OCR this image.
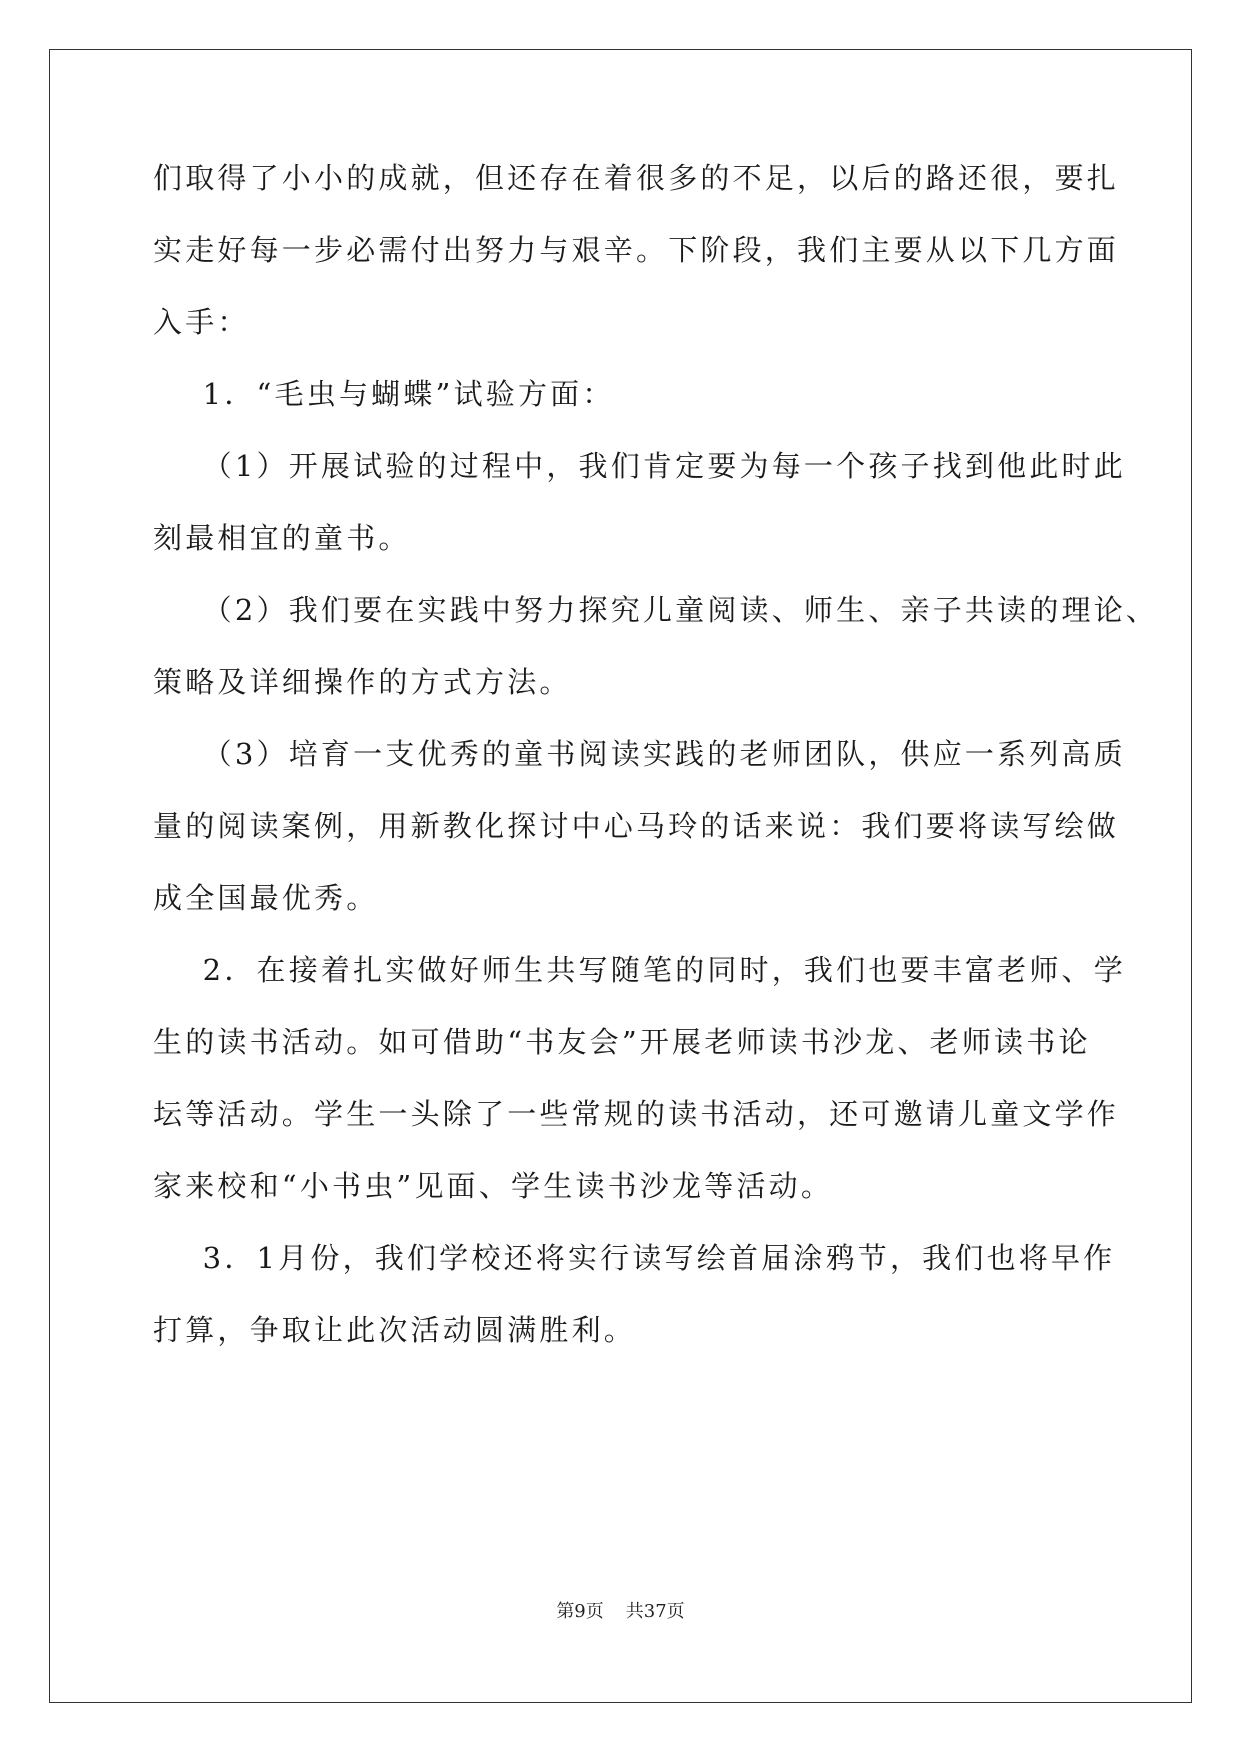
们取得了小小的成就，但还存在着很多的不足，以后的路还很，要扎
实走好每一步必需付出努力与艰辛。下阶段，我们主要从以下几方面
入手：
1．“毛虫与蝴蝶”试验方面：
（1）开展试验的过程中，我们肯定要为每一个孩子找到他此时此
刻最相宜的童书。
（2）我们要在实践中努力探究儿童阅读、师生、亲子共读的理论、
策略及详细操作的方式方法。
（3）培育一支优秀的童书阅读实践的老师团队，供应一系列高质
量的阅读案例，用新教化探讨中心马玲的话来说：我们要将读写绘做
成全国最优秀。
2．在接着扎实做好师生共写随笔的同时，我们也要丰富老师、学
生的读书活动。如可借助“书友会”开展老师读书沙龙、老师读书论
坛等活动。学生一头除了一些常规的读书活动，还可邀请儿童文学作
家来校和“小书虫”见面、学生读书沙龙等活动。
3．1月份，我们学校还将实行读写绘首届涂鸦节，我们也将早作
打算，争取让此次活动圆满胜利。
第9页 共37页
